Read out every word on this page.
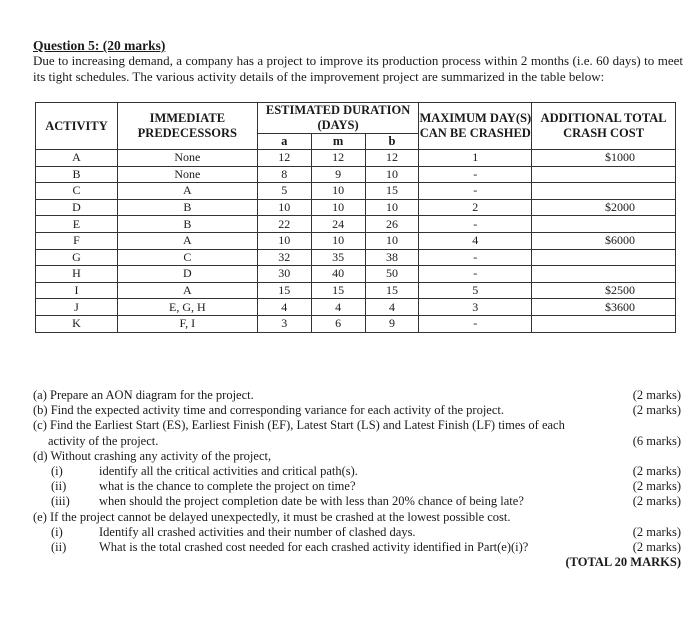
Question 5: (20 marks)
Due to increasing demand, a company has a project to improve its production process within 2 months (i.e. 60 days) to meet its tight schedules. The various activity details of the improvement project are summarized in the table below:
ACTIVITY	IMMEDIATE PREDECESSORS	ESTIMATED DURATION (DAYS)			MAXIMUM DAY(S) CAN BE CRASHED	ADDITIONAL TOTAL CRASH COST
		a	m	b		
A	None	12	12	12	1	$1000
B	None	8	9	10	-	
C	A	5	10	15	-	
D	B	10	10	10	2	$2000
E	B	22	24	26	-	
F	A	10	10	10	4	$6000
G	C	32	35	38	-	
H	D	30	40	50	-	
I	A	15	15	15	5	$2500
J	E, G, H	4	4	4	3	$3600
K	F, I	3	6	9	-	
(a) Prepare an AON diagram for the project.	(2 marks)
(b) Find the expected activity time and corresponding variance for each activity of the project.	(2 marks)
(c) Find the Earliest Start (ES), Earliest Finish (EF), Latest Start (LS) and Latest Finish (LF) times of each
activity of the project.	(6 marks)
(d) Without crashing any activity of the project,
(i)	identify all the critical activities and critical path(s).	(2 marks)
(ii)	what is the chance to complete the project on time?	(2 marks)
(iii) when should the project completion date be with less than 20% chance of being late?	(2 marks)
(e) If the project cannot be delayed unexpectedly, it must be crashed at the lowest possible cost.
(i)	Identify all crashed activities and their number of clashed days.	(2 marks)
(ii)	What is the total crashed cost needed for each crashed activity identified in Part(e)(i)?	(2 marks)
(TOTAL 20 MARKS)
